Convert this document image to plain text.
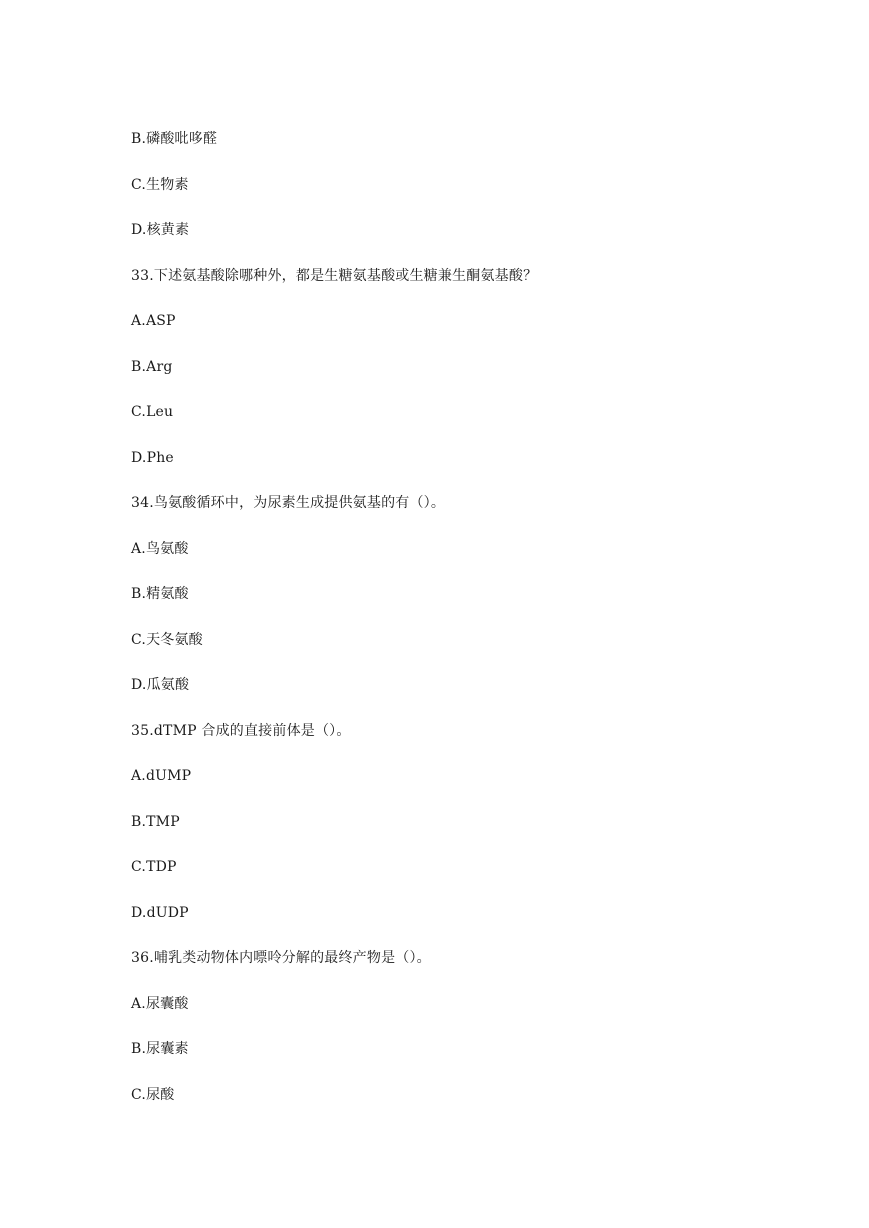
B.磷酸吡哆醛
C.生物素
D.核黄素
33.下述氨基酸除哪种外，都是生糖氨基酸或生糖兼生酮氨基酸？
A.ASP
B.Arg
C.Leu
D.Phe
34.鸟氨酸循环中，为尿素生成提供氨基的有（）。
A.鸟氨酸
B.精氨酸
C.天冬氨酸
D.瓜氨酸
35.dTMP 合成的直接前体是（）。
A.dUMP
B.TMP
C.TDP
D.dUDP
36.哺乳类动物体内嘌呤分解的最终产物是（）。
A.尿囊酸
B.尿囊素
C.尿酸
